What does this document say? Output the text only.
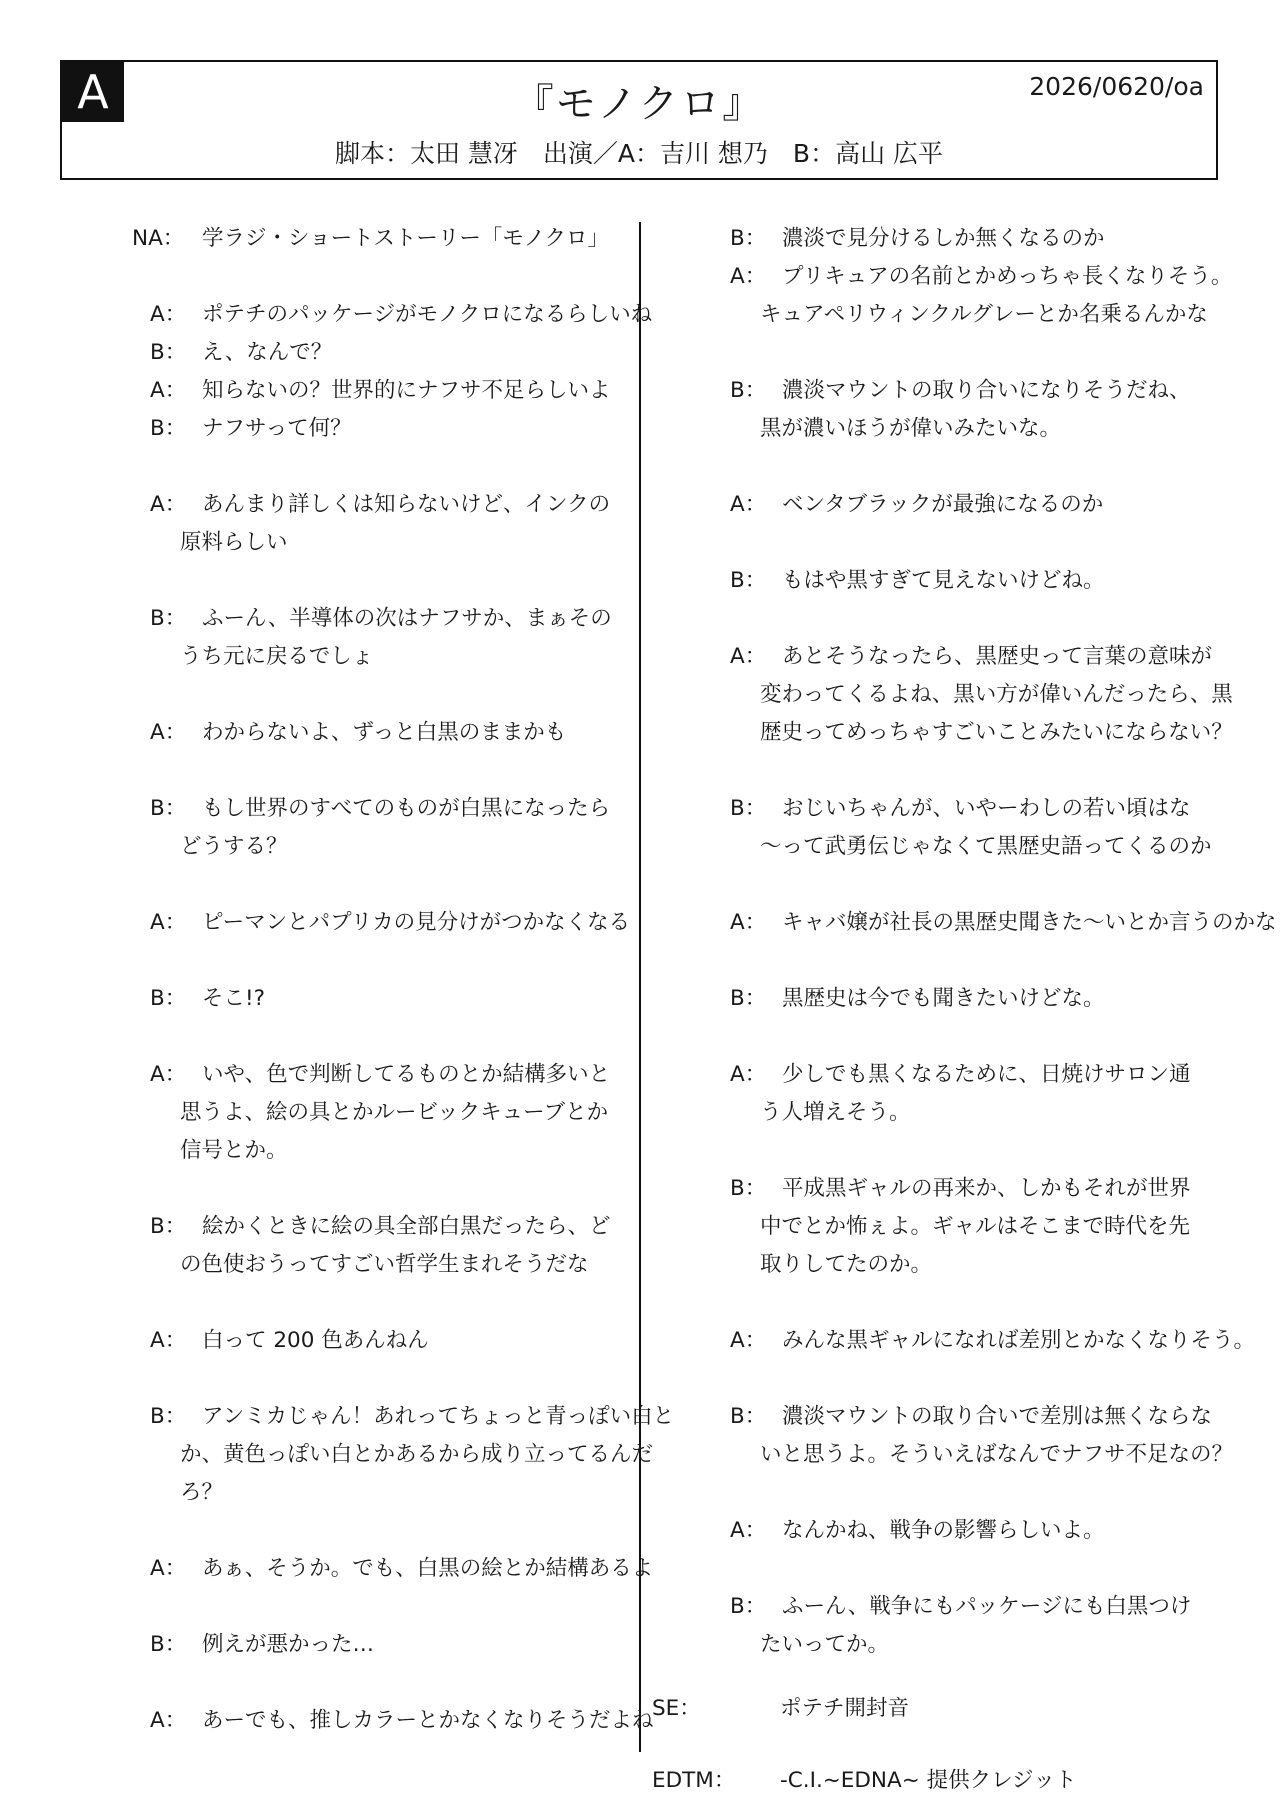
A	『モノクロ』	2026/0620/oa
脚本：太田 慧冴　出演／A：吉川 想乃　B：高山 広平
NA： 学ラジ・ショートストーリー「モノクロ」
A： ポテチのパッケージがモノクロになるらしいね
B： え、なんで？
A： 知らないの？世界的にナフサ不足らしいよ
B： ナフサって何？
A： あんまり詳しくは知らないけど、インクの
原料らしい
B： ふーん、半導体の次はナフサか、まぁその
うち元に戻るでしょ
A： わからないよ、ずっと白黒のままかも
B： もし世界のすべてのものが白黒になったら
どうする？
A： ピーマンとパプリカの見分けがつかなくなる
B： そこ!?
A： いや、色で判断してるものとか結構多いと
思うよ、絵の具とかルービックキューブとか
信号とか。
B： 絵かくときに絵の具全部白黒だったら、ど
の色使おうってすごい哲学生まれそうだな
A： 白って 200 色あんねん
B： アンミカじゃん！あれってちょっと青っぽい白と
か、黄色っぽい白とかあるから成り立ってるんだ
ろ？
A： あぁ、そうか。でも、白黒の絵とか結構あるよ
B： 例えが悪かった…
A： あーでも、推しカラーとかなくなりそうだよね
B： 濃淡で見分けるしか無くなるのか
A： プリキュアの名前とかめっちゃ長くなりそう。
キュアペリウィンクルグレーとか名乗るんかな
B： 濃淡マウントの取り合いになりそうだね、
黒が濃いほうが偉いみたいな。
A： ベンタブラックが最強になるのか
B： もはや黒すぎて見えないけどね。
A： あとそうなったら、黒歴史って言葉の意味が
変わってくるよね、黒い方が偉いんだったら、黒
歴史ってめっちゃすごいことみたいにならない？
B： おじいちゃんが、いやーわしの若い頃はな
〜って武勇伝じゃなくて黒歴史語ってくるのか
A： キャバ嬢が社長の黒歴史聞きた〜いとか言うのかな
B： 黒歴史は今でも聞きたいけどな。
A： 少しでも黒くなるために、日焼けサロン通
う人増えそう。
B： 平成黒ギャルの再来か、しかもそれが世界
中でとか怖ぇよ。ギャルはそこまで時代を先
取りしてたのか。
A： みんな黒ギャルになれば差別とかなくなりそう。
B： 濃淡マウントの取り合いで差別は無くならな
いと思うよ。そういえばなんでナフサ不足なの？
A： なんかね、戦争の影響らしいよ。
B： ふーん、戦争にもパッケージにも白黒つけ
たいってか。
SE：	ポテチ開封音
EDTM： -C.I.~EDNA~ 提供クレジット
